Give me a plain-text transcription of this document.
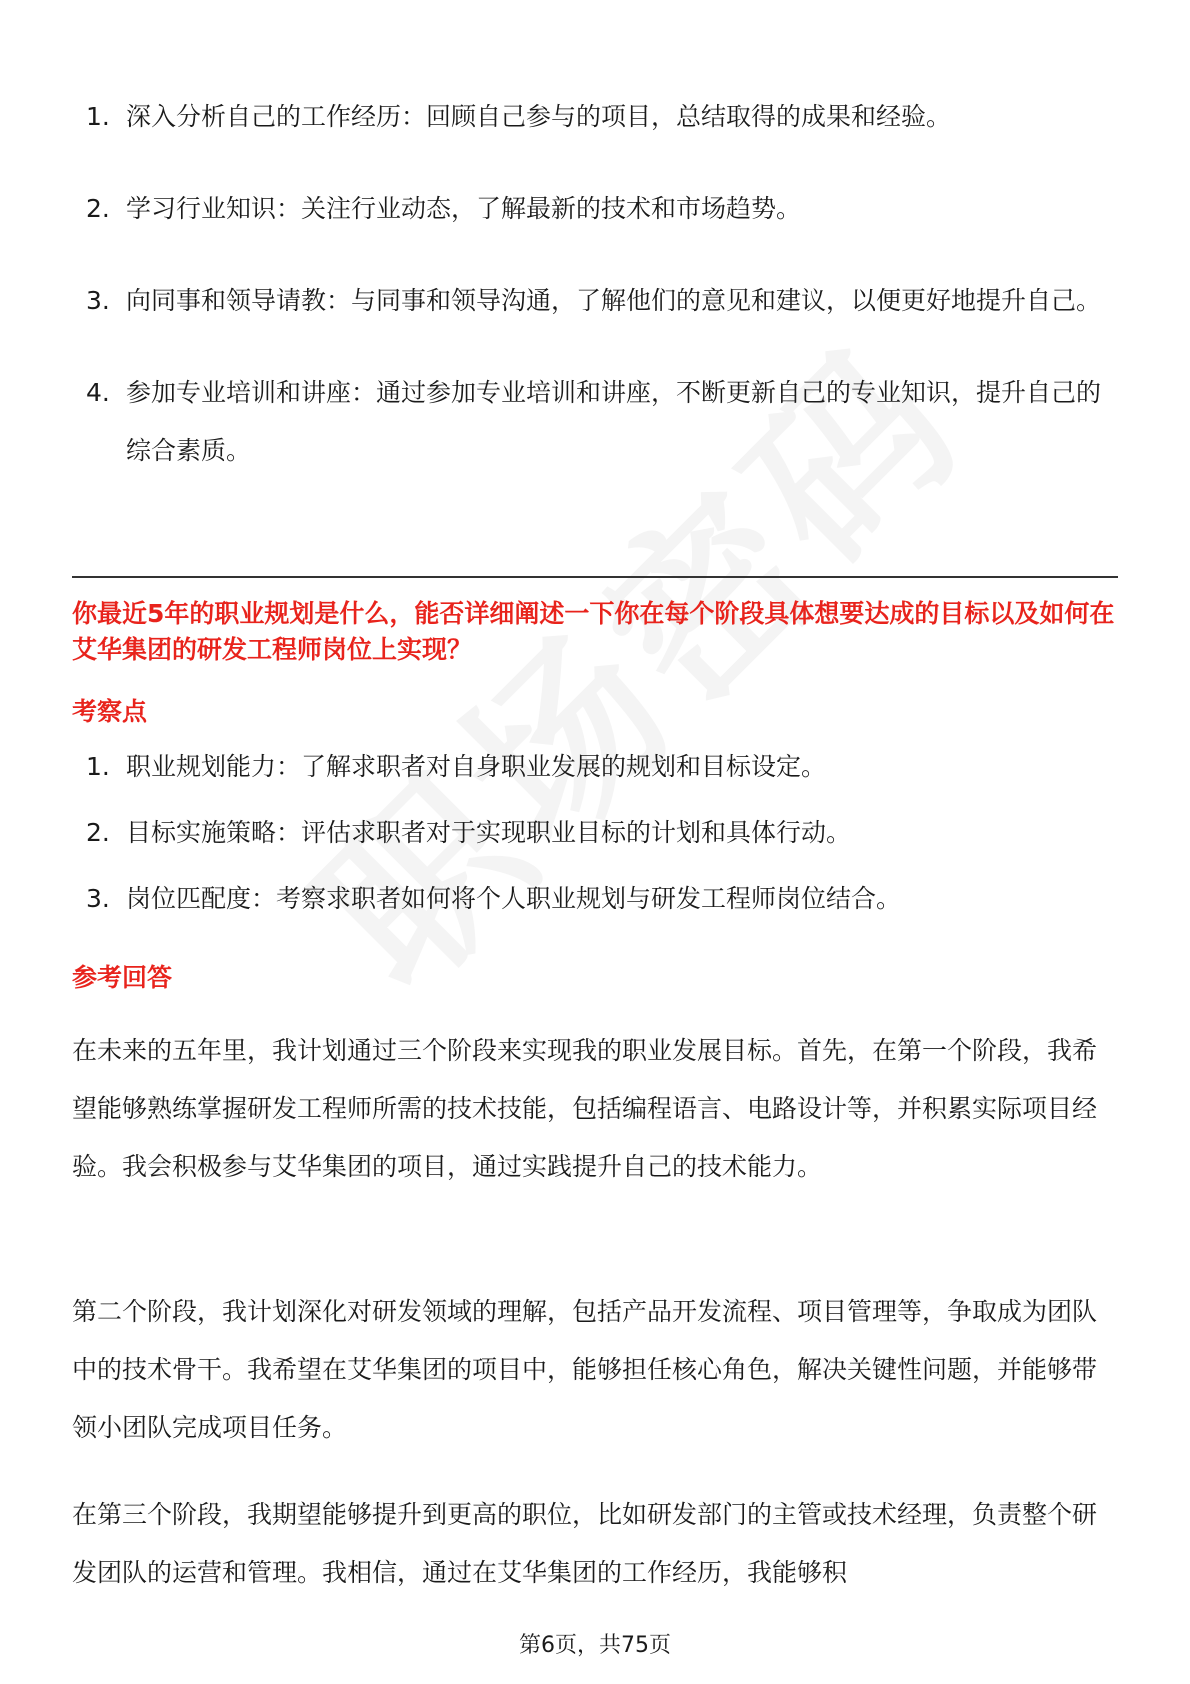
1. 深入分析自己的工作经历：回顾自己参与的项目，总结取得的成果和经验。
2. 学习行业知识：关注行业动态，了解最新的技术和市场趋势。
3. 向同事和领导请教：与同事和领导沟通，了解他们的意见和建议，以便更好地提升自己。
4. 参加专业培训和讲座：通过参加专业培训和讲座，不断更新自己的专业知识，提升自己的综合素质。
你最近5年的职业规划是什么，能否详细阐述一下你在每个阶段具体想要达成的目标以及如何在艾华集团的研发工程师岗位上实现？
考察点
1. 职业规划能力：了解求职者对自身职业发展的规划和目标设定。
2. 目标实施策略：评估求职者对于实现职业目标的计划和具体行动。
3. 岗位匹配度：考察求职者如何将个人职业规划与研发工程师岗位结合。
参考回答
在未来的五年里，我计划通过三个阶段来实现我的职业发展目标。首先，在第一个阶段，我希望能够熟练掌握研发工程师所需的技术技能，包括编程语言、电路设计等，并积累实际项目经验。我会积极参与艾华集团的项目，通过实践提升自己的技术能力。
第二个阶段，我计划深化对研发领域的理解，包括产品开发流程、项目管理等，争取成为团队中的技术骨干。我希望在艾华集团的项目中，能够担任核心角色，解决关键性问题，并能够带领小团队完成项目任务。
在第三个阶段，我期望能够提升到更高的职位，比如研发部门的主管或技术经理，负责整个研发团队的运营和管理。我相信，通过在艾华集团的工作经历，我能够积
第6页，共75页
